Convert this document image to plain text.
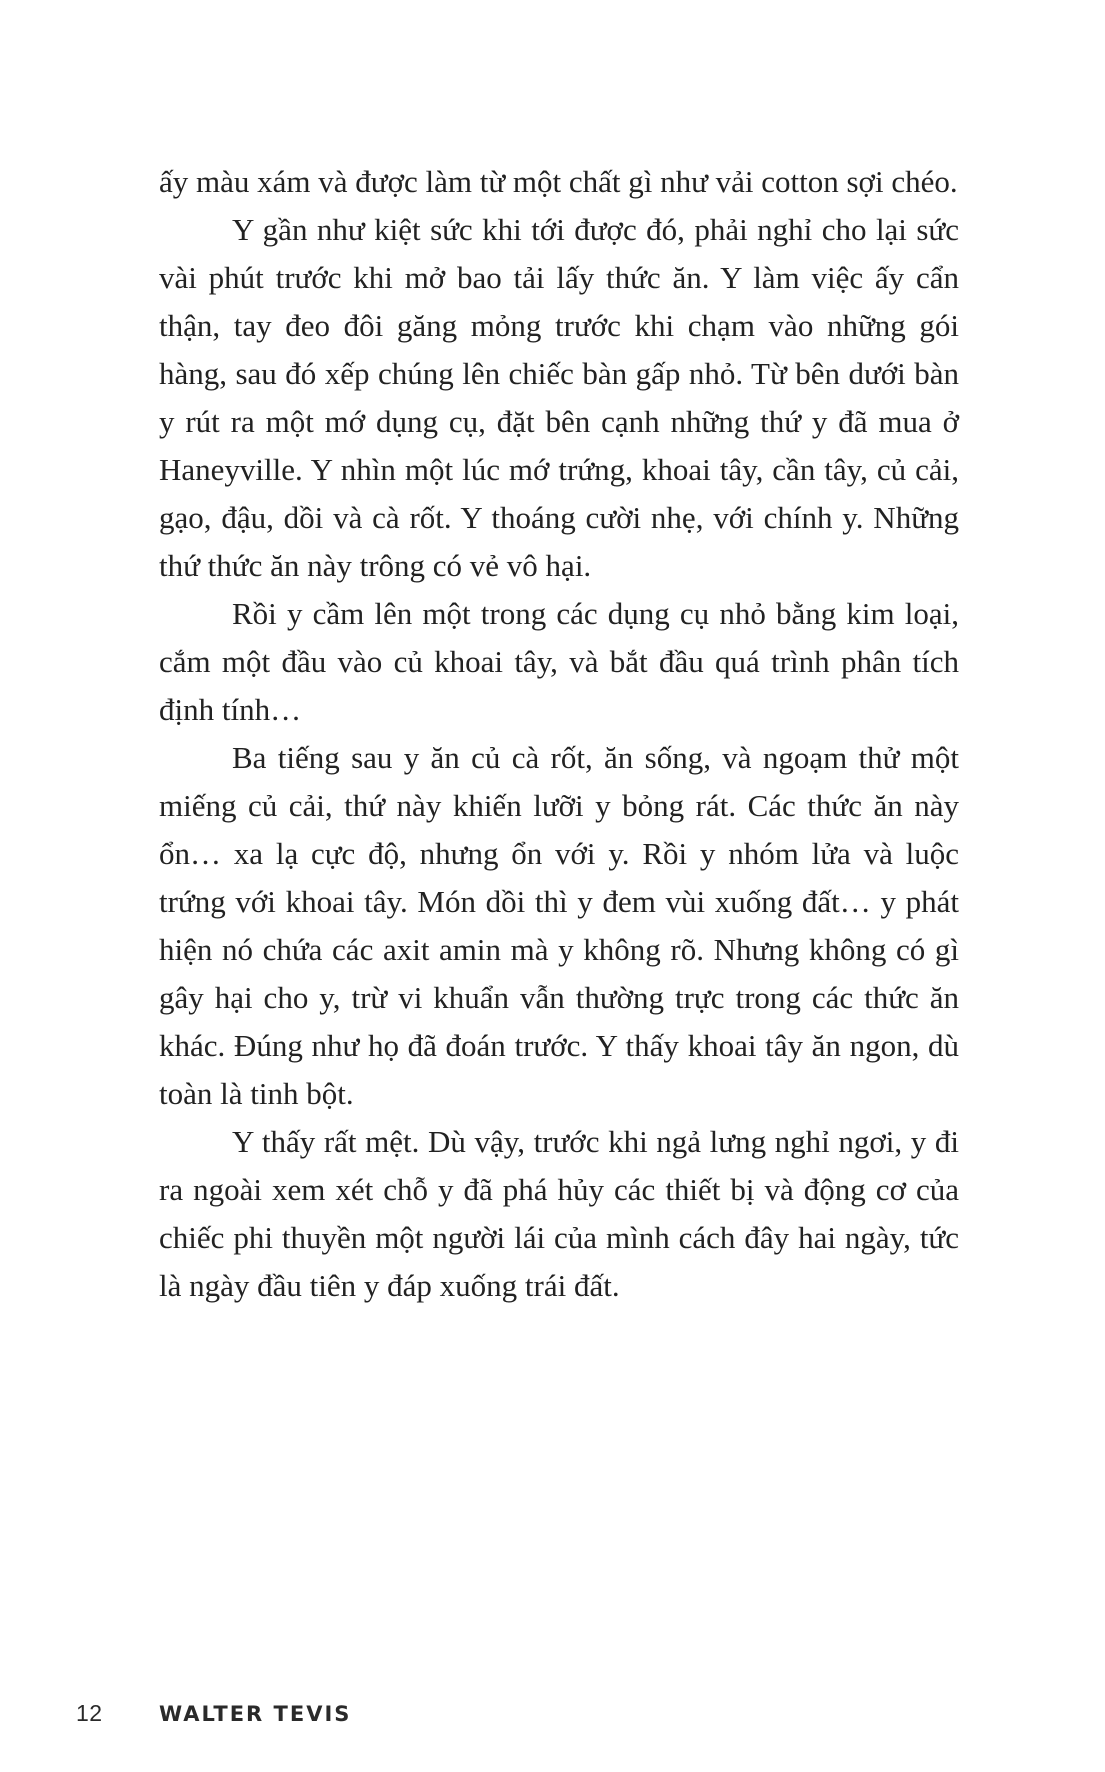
ấy màu xám và được làm từ một chất gì như vải cotton sợi chéo.

Y gần như kiệt sức khi tới được đó, phải nghỉ cho lại sức vài phút trước khi mở bao tải lấy thức ăn. Y làm việc ấy cẩn thận, tay đeo đôi găng mỏng trước khi chạm vào những gói hàng, sau đó xếp chúng lên chiếc bàn gấp nhỏ. Từ bên dưới bàn y rút ra một mớ dụng cụ, đặt bên cạnh những thứ y đã mua ở Haneyville. Y nhìn một lúc mớ trứng, khoai tây, cần tây, củ cải, gạo, đậu, dồi và cà rốt. Y thoáng cười nhẹ, với chính y. Những thứ thức ăn này trông có vẻ vô hại.

Rồi y cầm lên một trong các dụng cụ nhỏ bằng kim loại, cắm một đầu vào củ khoai tây, và bắt đầu quá trình phân tích định tính…

Ba tiếng sau y ăn củ cà rốt, ăn sống, và ngoạm thử một miếng củ cải, thứ này khiến lưỡi y bỏng rát. Các thức ăn này ổn… xa lạ cực độ, nhưng ổn với y. Rồi y nhóm lửa và luộc trứng với khoai tây. Món dồi thì y đem vùi xuống đất… y phát hiện nó chứa các axit amin mà y không rõ. Nhưng không có gì gây hại cho y, trừ vi khuẩn vẫn thường trực trong các thức ăn khác. Đúng như họ đã đoán trước. Y thấy khoai tây ăn ngon, dù toàn là tinh bột.

Y thấy rất mệt. Dù vậy, trước khi ngả lưng nghỉ ngơi, y đi ra ngoài xem xét chỗ y đã phá hủy các thiết bị và động cơ của chiếc phi thuyền một người lái của mình cách đây hai ngày, tức là ngày đầu tiên y đáp xuống trái đất.

12	WALTER TEVIS
